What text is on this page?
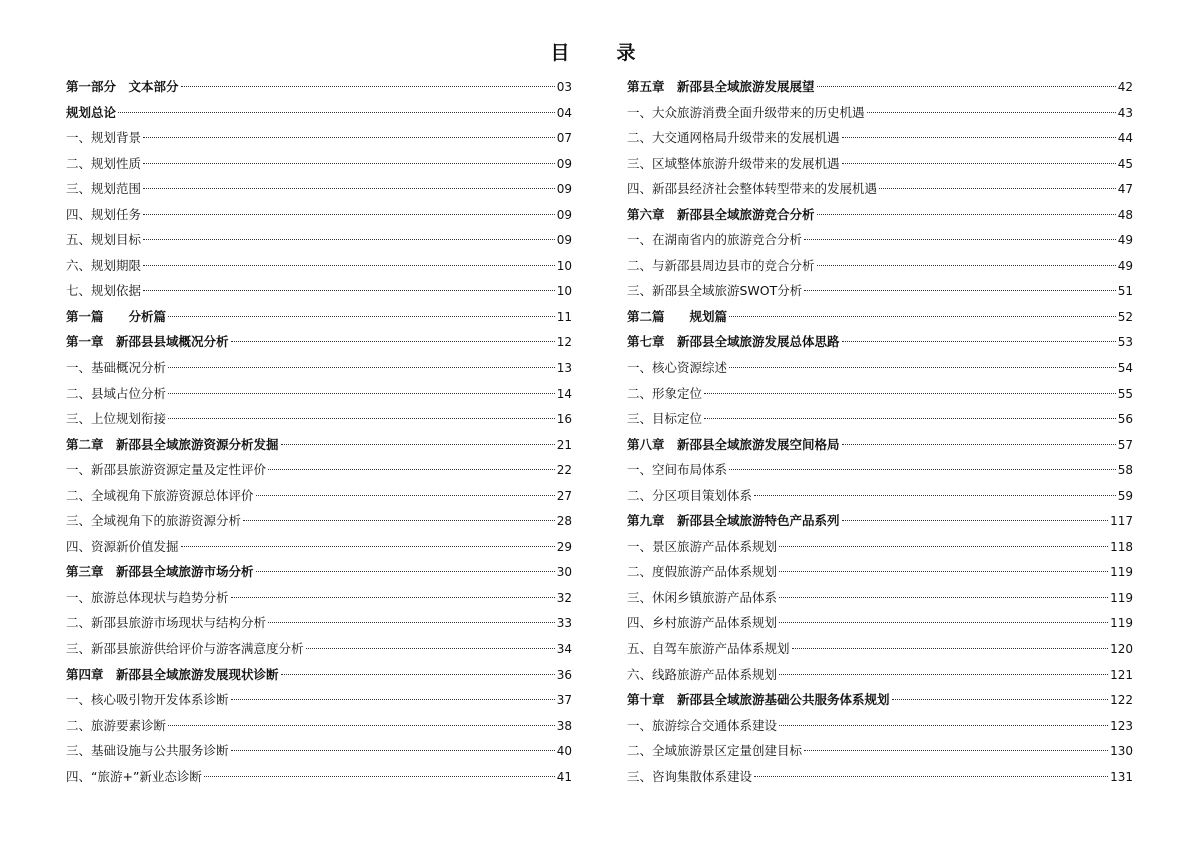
目　录
第一部分　文本部分	03
规划总论	04
一、规划背景	07
二、规划性质	09
三、规划范围	09
四、规划任务	09
五、规划目标	09
六、规划期限	10
七、规划依据	10
第一篇　　分析篇	11
第一章　新邵县县域概况分析	12
一、基础概况分析	13
二、县域占位分析	14
三、上位规划衔接	16
第二章　新邵县全域旅游资源分析发掘	21
一、新邵县旅游资源定量及定性评价	22
二、全域视角下旅游资源总体评价	27
三、全域视角下的旅游资源分析	28
四、资源新价值发掘	29
第三章　新邵县全域旅游市场分析	30
一、旅游总体现状与趋势分析	32
二、新邵县旅游市场现状与结构分析	33
三、新邵县旅游供给评价与游客满意度分析	34
第四章　新邵县全域旅游发展现状诊断	36
一、核心吸引物开发体系诊断	37
二、旅游要素诊断	38
三、基础设施与公共服务诊断	40
四、“旅游+”新业态诊断	41
第五章　新邵县全域旅游发展展望	42
一、大众旅游消费全面升级带来的历史机遇	43
二、大交通网格局升级带来的发展机遇	44
三、区域整体旅游升级带来的发展机遇	45
四、新邵县经济社会整体转型带来的发展机遇	47
第六章　新邵县全域旅游竞合分析	48
一、在湖南省内的旅游竞合分析	49
二、与新邵县周边县市的竞合分析	49
三、新邵县全域旅游SWOT分析	51
第二篇　　规划篇	52
第七章　新邵县全域旅游发展总体思路	53
一、核心资源综述	54
二、形象定位	55
三、目标定位	56
第八章　新邵县全域旅游发展空间格局	57
一、空间布局体系	58
二、分区项目策划体系	59
第九章　新邵县全域旅游特色产品系列	117
一、景区旅游产品体系规划	118
二、度假旅游产品体系规划	119
三、休闲乡镇旅游产品体系	119
四、乡村旅游产品体系规划	119
五、自驾车旅游产品体系规划	120
六、线路旅游产品体系规划	121
第十章　新邵县全域旅游基础公共服务体系规划	122
一、旅游综合交通体系建设	123
二、全域旅游景区定量创建目标	130
三、咨询集散体系建设	131
